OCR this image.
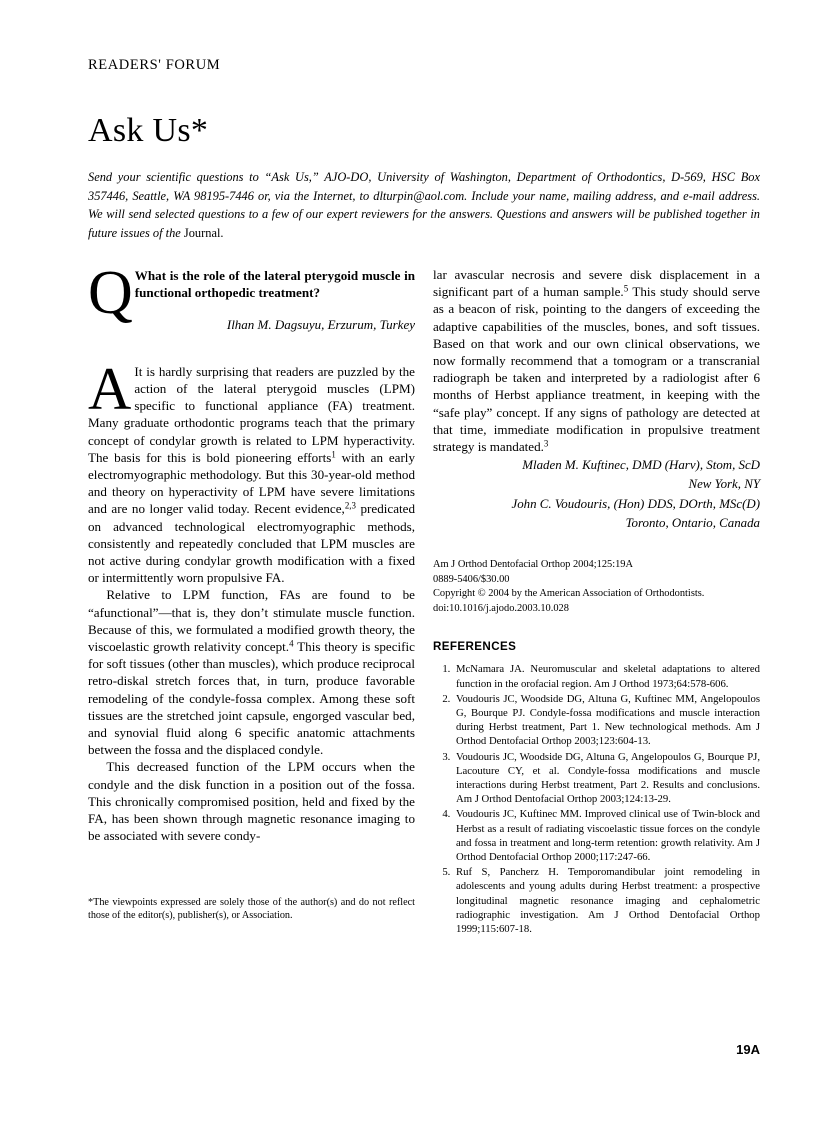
READERS' FORUM
Ask Us*
Send your scientific questions to “Ask Us,” AJO-DO, University of Washington, Department of Orthodontics, D-569, HSC Box 357446, Seattle, WA 98195-7446 or, via the Internet, to dlturpin@aol.com. Include your name, mailing address, and e-mail address. We will send selected questions to a few of our expert reviewers for the answers. Questions and answers will be published together in future issues of the Journal.
Q What is the role of the lateral pterygoid muscle in functional orthopedic treatment?

Ilhan M. Dagsuyu, Erzurum, Turkey

A It is hardly surprising that readers are puzzled by the action of the lateral pterygoid muscles (LPM) specific to functional appliance (FA) treatment. Many graduate orthodontic programs teach that the primary concept of condylar growth is related to LPM hyperactivity. The basis for this is bold pioneering efforts$^1$ with an early electromyographic methodology. But this 30-year-old method and theory on hyperactivity of LPM have severe limitations and are no longer valid today. Recent evidence,$^{2,3}$ predicated on advanced technological electromyographic methods, consistently and repeatedly concluded that LPM muscles are not active during condylar growth modification with a fixed or intermittently worn propulsive FA.

Relative to LPM function, FAs are found to be “afunctional”—that is, they don’t stimulate muscle function. Because of this, we formulated a modified growth theory, the viscoelastic growth relativity concept.$^4$ This theory is specific for soft tissues (other than muscles), which produce reciprocal retro-diskal stretch forces that, in turn, produce favorable remodeling of the condyle-fossa complex. Among these soft tissues are the stretched joint capsule, engorged vascular bed, and synovial fluid along 6 specific anatomic attachments between the fossa and the displaced condyle.

This decreased function of the LPM occurs when the condyle and the disk function in a position out of the fossa. This chronically compromised position, held and fixed by the FA, has been shown through magnetic resonance imaging to be associated with severe condy-

*The viewpoints expressed are solely those of the author(s) and do not reflect those of the editor(s), publisher(s), or Association.

lar avascular necrosis and severe disk displacement in a significant part of a human sample.$^5$ This study should serve as a beacon of risk, pointing to the dangers of exceeding the adaptive capabilities of the muscles, bones, and soft tissues. Based on that work and our own clinical observations, we now formally recommend that a tomogram or a transcranial radiograph be taken and interpreted by a radiologist after 6 months of Herbst appliance treatment, in keeping with the “safe play” concept. If any signs of pathology are detected at that time, immediate modification in propulsive treatment strategy is mandated.$^3$

Mladen M. Kuftinec, DMD (Harv), Stom, ScD

New York, NY

John C. Voudouris, (Hon) DDS, DOrth, MSc(D)

Toronto, Ontario, Canada

Am J Orthod Dentofacial Orthop 2004;125:19A
0889-5406/$30.00
Copyright © 2004 by the American Association of Orthodontists.
doi:10.1016/j.ajodo.2003.10.028
REFERENCES
1. McNamara JA. Neuromuscular and skeletal adaptations to altered function in the orofacial region. Am J Orthod 1973;64:578-606.
2. Voudouris JC, Woodside DG, Altuna G, Kuftinec MM, Angelopoulos G, Bourque PJ. Condyle-fossa modifications and muscle interaction during Herbst treatment, Part 1. New technological methods. Am J Orthod Dentofacial Orthop 2003;123:604-13.
3. Voudouris JC, Woodside DG, Altuna G, Angelopoulos G, Bourque PJ, Lacouture CY, et al. Condyle-fossa modifications and muscle interactions during Herbst treatment, Part 2. Results and conclusions. Am J Orthod Dentofacial Orthop 2003;124:13-29.
4. Voudouris JC, Kuftinec MM. Improved clinical use of Twin-block and Herbst as a result of radiating viscoelastic tissue forces on the condyle and fossa in treatment and long-term retention: growth relativity. Am J Orthod Dentofacial Orthop 2000;117:247-66.
5. Ruf S, Pancherz H. Temporomandibular joint remodeling in adolescents and young adults during Herbst treatment: a prospective longitudinal magnetic resonance imaging and cephalometric radiographic investigation. Am J Orthod Dentofacial Orthop 1999;115:607-18.
19A
